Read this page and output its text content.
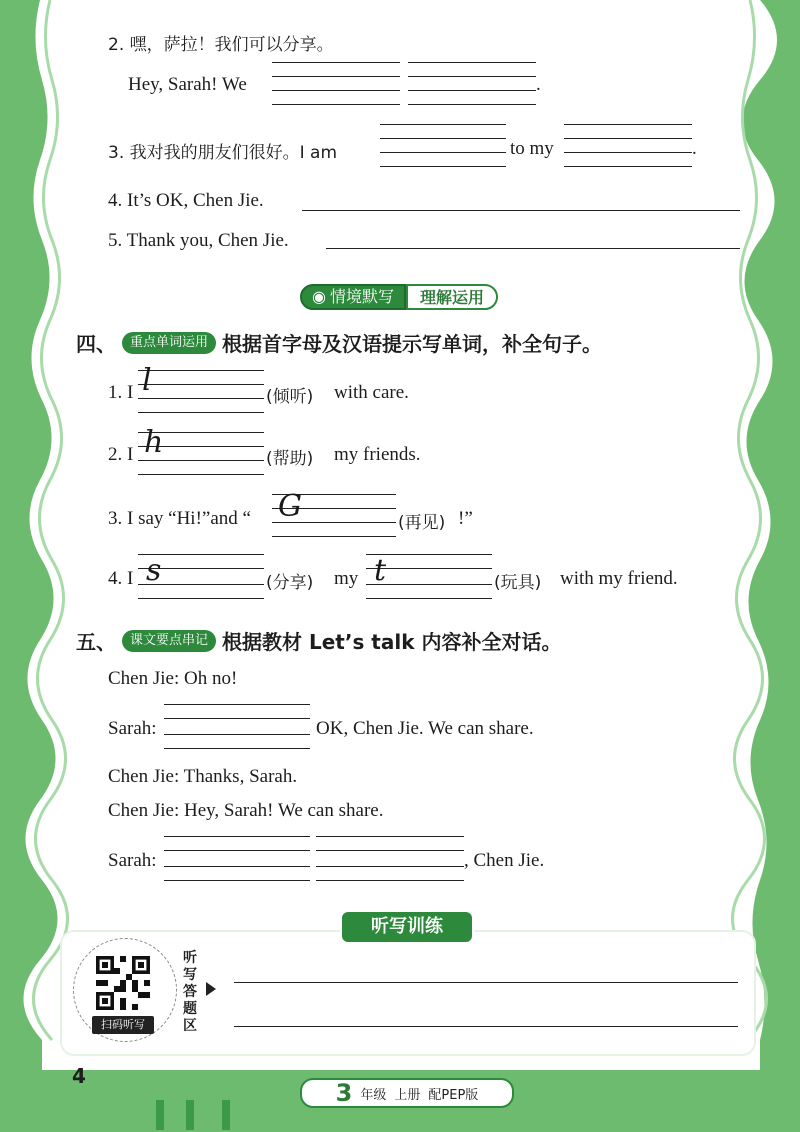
2. 嘿，萨拉！我们可以分享。
Hey, Sarah! We	.
3. 我对我的朋友们很好。I am	to my	.
4. It’s OK, Chen Jie.
5. Thank you, Chen Jie.
◉ 情境默写	理解运用
四、	重点单词运用 根据首字母及汉语提示写单词，补全句子。
1. I l	(倾听) with care.
2. I h	(帮助) my friends.
3. I say “Hi!”and “ G	(再见) !”
4. I s	(分享) my t	(玩具) with my friend.
五、	课文要点串记 根据教材 Let’s talk 内容补全对话。
Chen Jie: Oh no!
Sarah:	OK, Chen Jie. We can share.
Chen Jie: Thanks, Sarah.
Chen Jie: Hey, Sarah! We can share.
Sarah:	, Chen Jie.
听写训练
扫码听写
听写答题区
4
3 年级 上册 配PEP版
